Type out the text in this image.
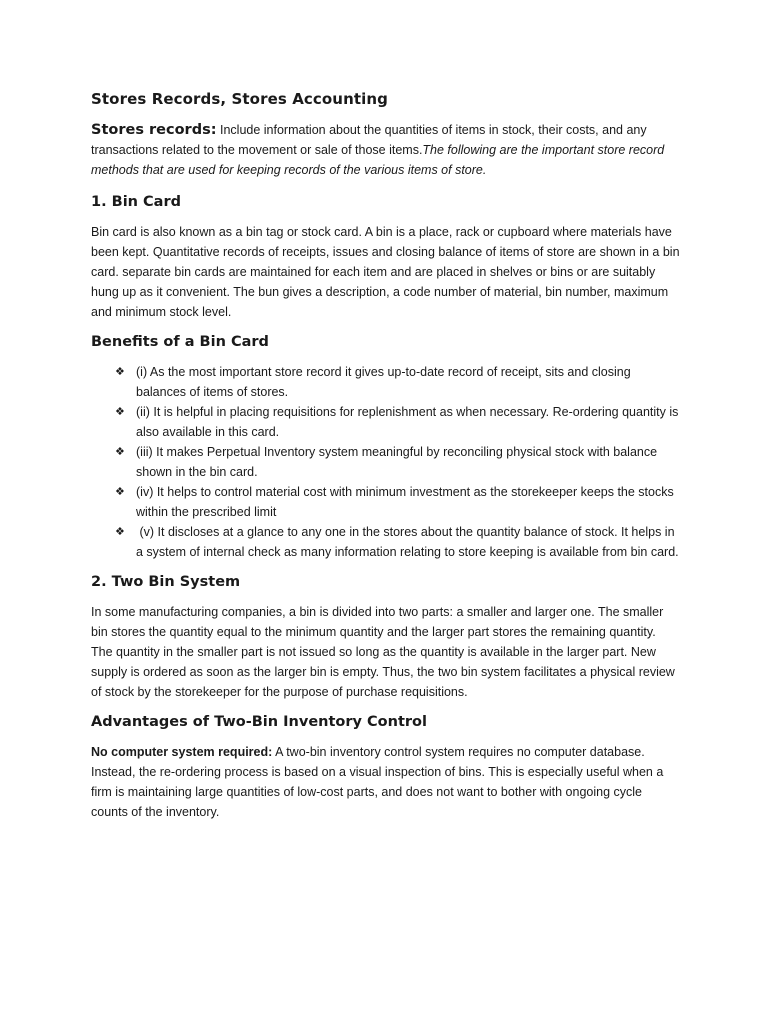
Stores Records, Stores Accounting

Stores records: Include information about the quantities of items in stock, their costs, and any transactions related to the movement or sale of those items.The following are the important store record methods that are used for keeping records of the various items of store.

1. Bin Card

Bin card is also known as a bin tag or stock card. A bin is a place, rack or cupboard where materials have been kept. Quantitative records of receipts, issues and closing balance of items of store are shown in a bin card. separate bin cards are maintained for each item and are placed in shelves or bins or are suitably hung up as it convenient. The bun gives a description, a code number of material, bin number, maximum and minimum stock level.

Benefits of a Bin Card
❖ (i) As the most important store record it gives up-to-date record of receipt, sits and closing balances of items of stores.
❖ (ii) It is helpful in placing requisitions for replenishment as when necessary. Re-ordering quantity is also available in this card.
❖ (iii) It makes Perpetual Inventory system meaningful by reconciling physical stock with balance shown in the bin card.
❖ (iv) It helps to control material cost with minimum investment as the storekeeper keeps the stocks within the prescribed limit
❖ (v) It discloses at a glance to any one in the stores about the quantity balance of stock. It helps in a system of internal check as many information relating to store keeping is available from bin card.
2. Two Bin System

In some manufacturing companies, a bin is divided into two parts: a smaller and larger one. The smaller bin stores the quantity equal to the minimum quantity and the larger part stores the remaining quantity. The quantity in the smaller part is not issued so long as the quantity is available in the larger part. New supply is ordered as soon as the larger bin is empty. Thus, the two bin system facilitates a physical review of stock by the storekeeper for the purpose of purchase requisitions.

Advantages of Two-Bin Inventory Control

No computer system required: A two-bin inventory control system requires no computer database. Instead, the re-ordering process is based on a visual inspection of bins. This is especially useful when a firm is maintaining large quantities of low-cost parts, and does not want to bother with ongoing cycle counts of the inventory.
